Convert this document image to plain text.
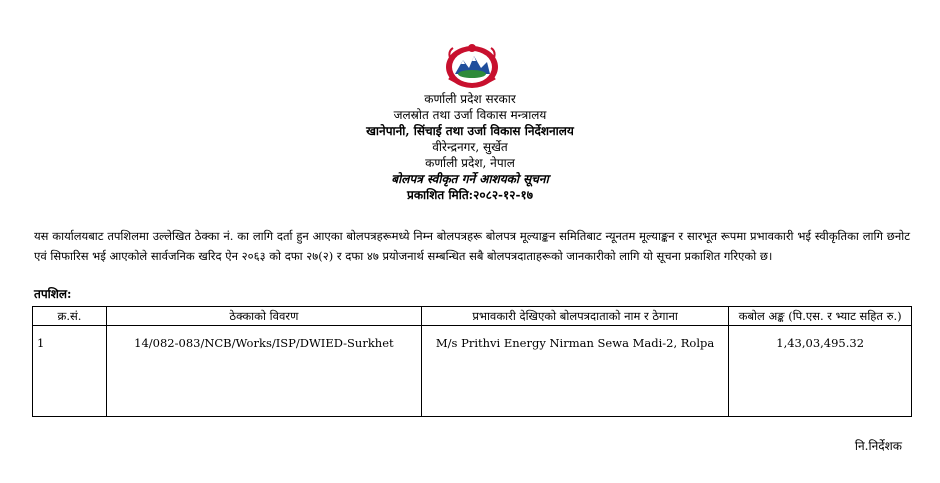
कर्णाली प्रदेश सरकार
जलस्रोत तथा उर्जा विकास मन्त्रालय
खानेपानी, सिंचाई तथा उर्जा विकास निर्देशनालय
वीरेन्द्रनगर, सुर्खेत
कर्णाली प्रदेश, नेपाल
बोलपत्र स्वीकृत गर्ने आशयको सूचना
प्रकाशित मिति:२०८२-१२-१७
यस कार्यालयबाट तपशिलमा उल्लेखित ठेक्का नं. का लागि दर्ता हुन आएका बोलपत्रहरूमध्ये निम्न बोलपत्रहरू बोलपत्र मूल्याङ्कन समितिबाट न्यूनतम मूल्याङ्कन र सारभूत रूपमा प्रभावकारी भई स्वीकृतिका लागि छनोट एवं सिफारिस भई आएकोले सार्वजनिक खरिद ऐन २०६३ को दफा २७(२) र दफा ४७ प्रयोजनार्थ सम्बन्धित सबै बोलपत्रदाताहरूको जानकारीको लागि यो सूचना प्रकाशित गरिएको छ।
तपशिल:
क्र.सं.	ठेक्काको विवरण	प्रभावकारी देखिएको बोलपत्रदाताको नाम र ठेगाना	कबोल अङ्क (पि.एस. र भ्याट सहित रु.)
1	14/082-083/NCB/Works/ISP/DWIED-Surkhet	M/s Prithvi Energy Nirman Sewa Madi-2, Rolpa	1,43,03,495.32
नि.निर्देशक
